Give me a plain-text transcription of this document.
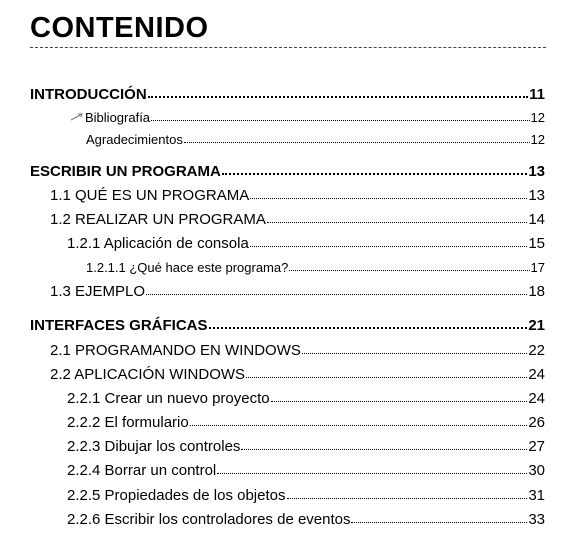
CONTENIDO
INTRODUCCIÓN	11
Bibliografía	12
Agradecimientos	12
ESCRIBIR UN PROGRAMA	13
1.1 QUÉ ES UN PROGRAMA	13
1.2 REALIZAR UN PROGRAMA	14
1.2.1 Aplicación de consola	15
1.2.1.1 ¿Qué hace este programa?	17
1.3 EJEMPLO	18
INTERFACES GRÁFICAS	21
2.1 PROGRAMANDO EN WINDOWS	22
2.2 APLICACIÓN WINDOWS	24
2.2.1 Crear un nuevo proyecto	24
2.2.2 El formulario	26
2.2.3 Dibujar los controles	27
2.2.4 Borrar un control	30
2.2.5 Propiedades de los objetos	31
2.2.6 Escribir los controladores de eventos	33
